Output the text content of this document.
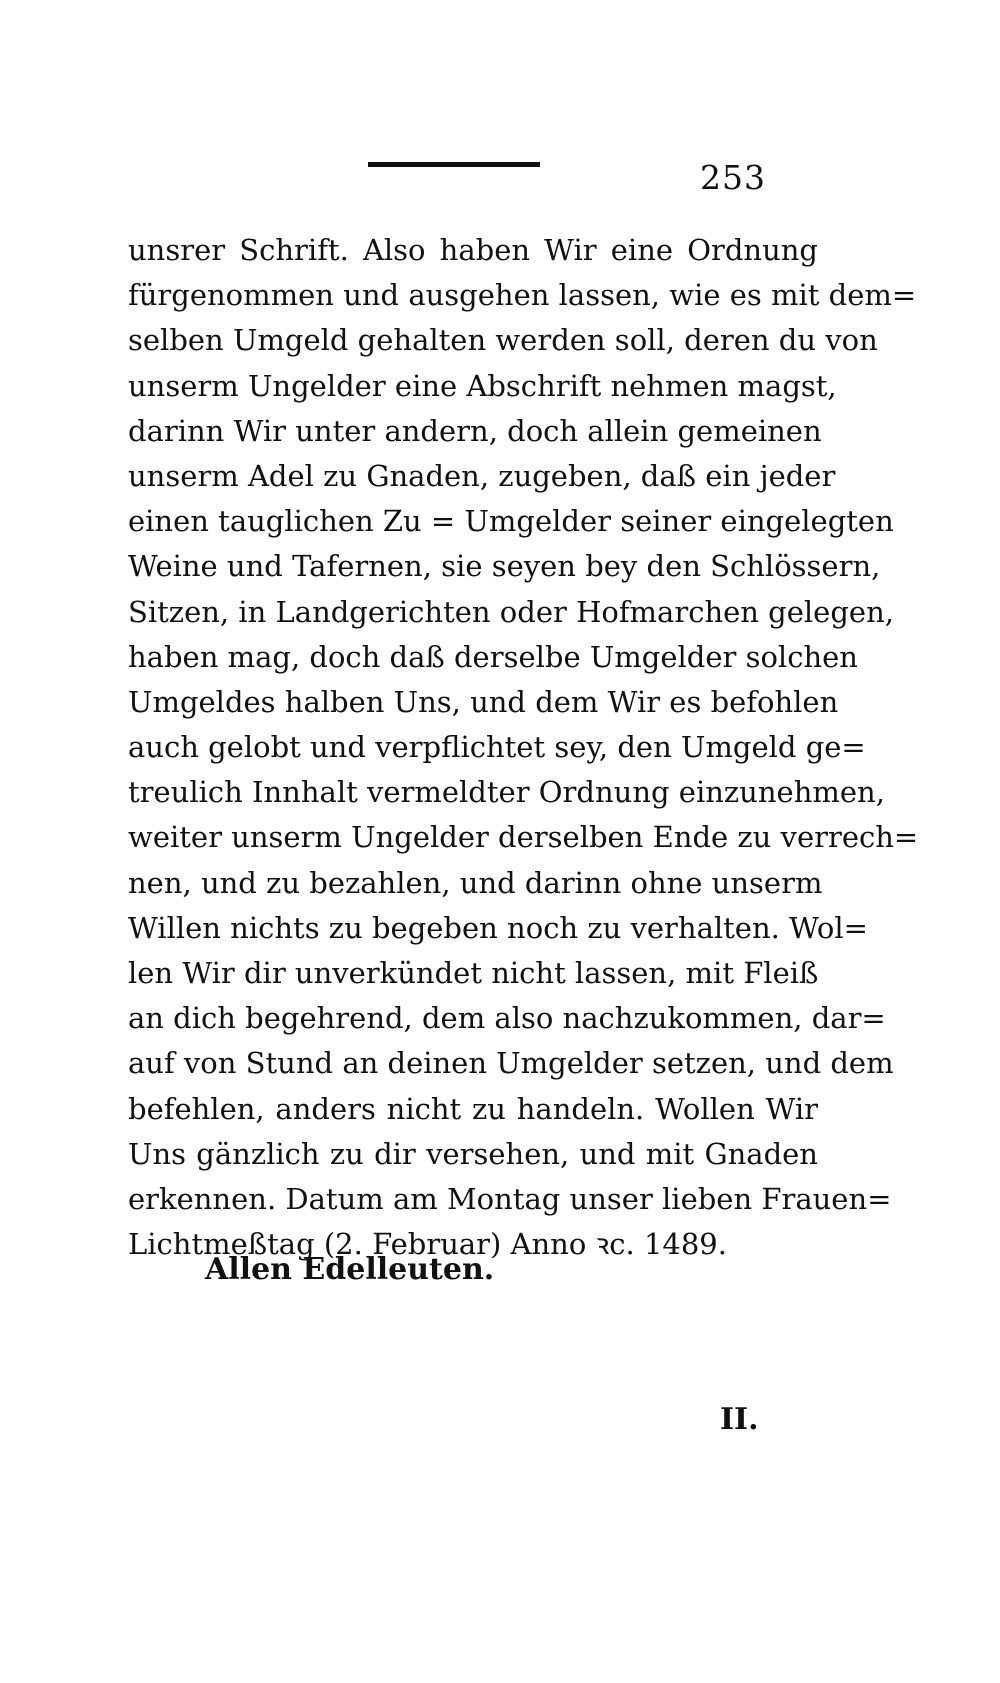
253
unsrer Schrift. Also haben Wir eine Ordnung
fürgenommen und ausgehen lassen, wie es mit dem=
selben Umgeld gehalten werden soll, deren du von
unserm Ungelder eine Abschrift nehmen magst,
darinn Wir unter andern, doch allein gemeinen
unserm Adel zu Gnaden, zugeben, daß ein jeder
einen tauglichen Zu = Umgelder seiner eingelegten
Weine und Tafernen, sie seyen bey den Schlössern,
Sitzen, in Landgerichten oder Hofmarchen gelegen,
haben mag, doch daß derselbe Umgelder solchen
Umgeldes halben Uns, und dem Wir es befohlen
auch gelobt und verpflichtet sey, den Umgeld ge=
treulich Innhalt vermeldter Ordnung einzunehmen,
weiter unserm Ungelder derselben Ende zu verrech=
nen, und zu bezahlen, und darinn ohne unserm
Willen nichts zu begeben noch zu verhalten. Wol=
len Wir dir unverkündet nicht lassen, mit Fleiß
an dich begehrend, dem also nachzukommen, dar=
auf von Stund an deinen Umgelder setzen, und dem
befehlen, anders nicht zu handeln. Wollen Wir
Uns gänzlich zu dir versehen, und mit Gnaden
erkennen. Datum am Montag unser lieben Frauen=
Lichtmeßtag (2. Februar) Anno ꝛc. 1489.
Allen Edelleuten.
II.
